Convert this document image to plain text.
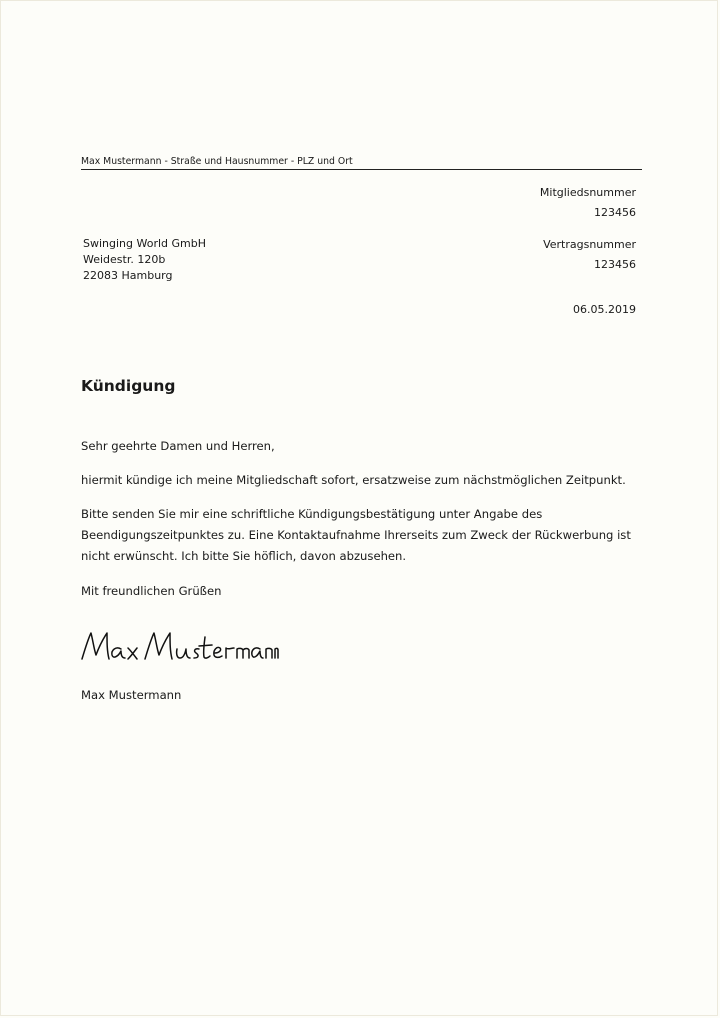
Max Mustermann - Straße und Hausnummer - PLZ und Ort
Swinging World GmbH
Weidestr. 120b
22083 Hamburg
Mitgliedsnummer
123456
Vertragsnummer
123456
06.05.2019
Kündigung
Sehr geehrte Damen und Herren,
hiermit kündige ich meine Mitgliedschaft sofort, ersatzweise zum nächstmöglichen Zeitpunkt.
Bitte senden Sie mir eine schriftliche Kündigungsbestätigung unter Angabe des Beendigungszeitpunktes zu. Eine Kontaktaufnahme Ihrerseits zum Zweck der Rückwerbung ist nicht erwünscht. Ich bitte Sie höflich, davon abzusehen.
Mit freundlichen Grüßen
Max Mustermann
